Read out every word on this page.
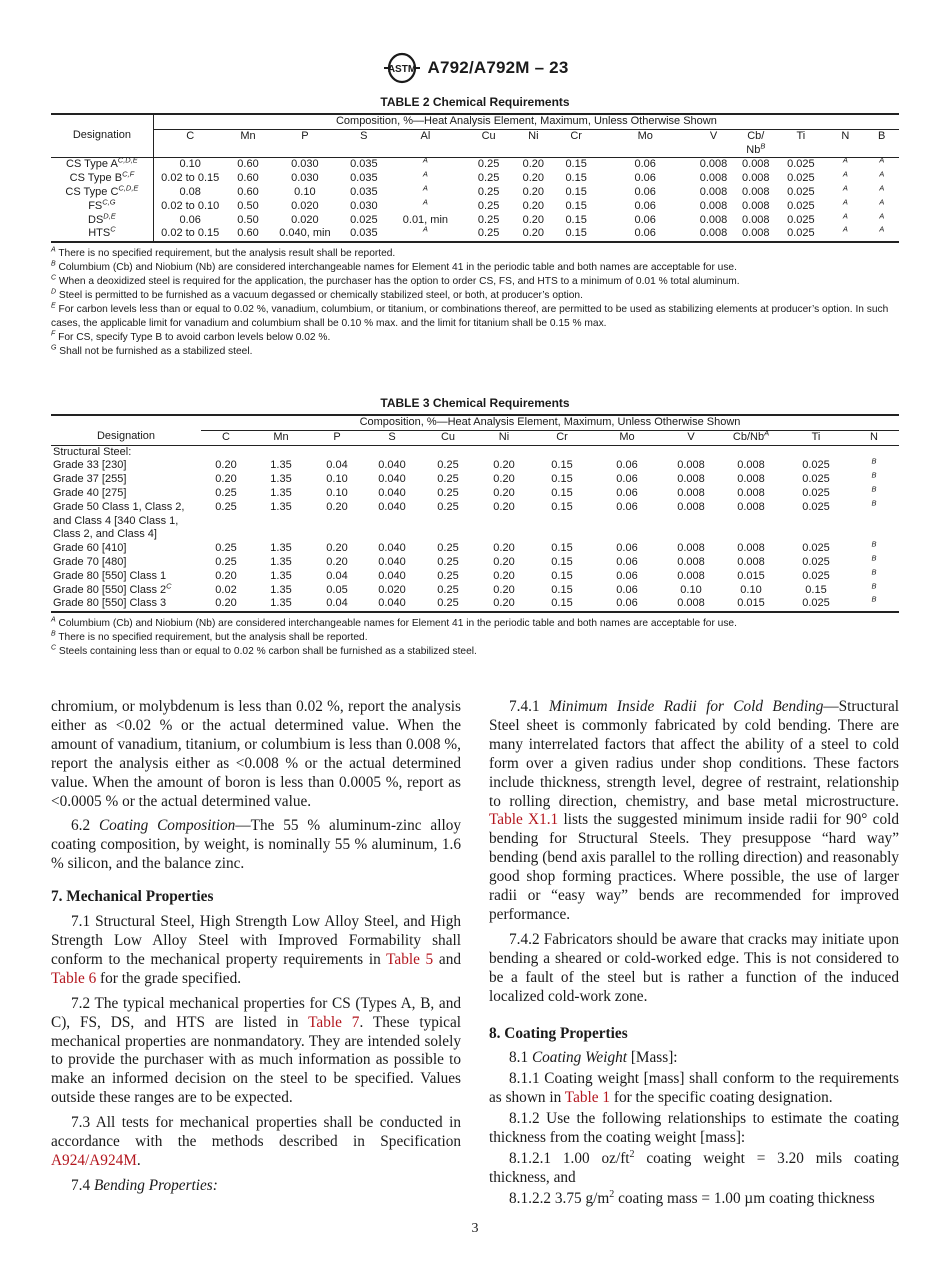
ASTM A792/A792M – 23
TABLE 2 Chemical Requirements
	Composition, %—Heat Analysis Element, Maximum, Unless Otherwise Shown													
Designation	C	Mn	P	S	Al	Cu	Ni	Cr	Mo	V	Cb/
$Nb^B$	Ti	N	B
CS Type $A^{C,D,E}$	0.10	0.60	0.030	0.035	$^A$	0.25	0.20	0.15	0.06	0.008	0.008	0.025	$^A$	$^A$
CS Type $B^{C,F}$	0.02 to 0.15	0.60	0.030	0.035	$^A$	0.25	0.20	0.15	0.06	0.008	0.008	0.025	$^A$	$^A$
CS Type $C^{C,D,E}$	0.08	0.60	0.10	0.035	$^A$	0.25	0.20	0.15	0.06	0.008	0.008	0.025	$^A$	$^A$
$FS^{C,G}$	0.02 to 0.10	0.50	0.020	0.030	$^A$	0.25	0.20	0.15	0.06	0.008	0.008	0.025	$^A$	$^A$
$DS^{D,E}$	0.06	0.50	0.020	0.025	0.01, min	0.25	0.20	0.15	0.06	0.008	0.008	0.025	$^A$	$^A$
$HTS^C$	0.02 to 0.15	0.60	0.040, min	0.035	$^A$	0.25	0.20	0.15	0.06	0.008	0.008	0.025	$^A$	$^A$

$^A$ There is no specified requirement, but the analysis result shall be reported.

$^B$ Columbium (Cb) and Niobium (Nb) are considered interchangeable names for Element 41 in the periodic table and both names are acceptable for use.

$^C$ When a deoxidized steel is required for the application, the purchaser has the option to order CS, FS, and HTS to a minimum of 0.01 % total aluminum.

$^D$ Steel is permitted to be furnished as a vacuum degassed or chemically stabilized steel, or both, at producer’s option.

$^E$ For carbon levels less than or equal to 0.02 %, vanadium, columbium, or titanium, or combinations thereof, are permitted to be used as stabilizing elements at producer’s option. In such cases, the applicable limit for vanadium and columbium shall be 0.10 % max. and the limit for titanium shall be 0.15 % max.

$^F$ For CS, specify Type B to avoid carbon levels below 0.02 %.

$^G$ Shall not be furnished as a stabilized steel.

TABLE 3 Chemical Requirements
	Composition, %—Heat Analysis Element, Maximum, Unless Otherwise Shown											
Designation	C	Mn	P	S	Cu	Ni	Cr	Mo	V	$Cb/Nb^A$	Ti	N
Structural Steel:												
Grade 33 [230]	0.20	1.35	0.04	0.040	0.25	0.20	0.15	0.06	0.008	0.008	0.025	$^B$
Grade 37 [255]	0.20	1.35	0.10	0.040	0.25	0.20	0.15	0.06	0.008	0.008	0.025	$^B$
Grade 40 [275]	0.25	1.35	0.10	0.040	0.25	0.20	0.15	0.06	0.008	0.008	0.025	$^B$
Grade 50 Class 1, Class 2, and Class 4 [340 Class 1, Class 2, and Class 4]	0.25	1.35	0.20	0.040	0.25	0.20	0.15	0.06	0.008	0.008	0.025	$^B$
Grade 60 [410]	0.25	1.35	0.20	0.040	0.25	0.20	0.15	0.06	0.008	0.008	0.025	$^B$
Grade 70 [480]	0.25	1.35	0.20	0.040	0.25	0.20	0.15	0.06	0.008	0.008	0.025	$^B$
Grade 80 [550] Class 1	0.20	1.35	0.04	0.040	0.25	0.20	0.15	0.06	0.008	0.015	0.025	$^B$
Grade 80 [550] Class $2^C$	0.02	1.35	0.05	0.020	0.25	0.20	0.15	0.06	0.10	0.10	0.15	$^B$
Grade 80 [550] Class 3	0.20	1.35	0.04	0.040	0.25	0.20	0.15	0.06	0.008	0.015	0.025	$^B$

$^A$ Columbium (Cb) and Niobium (Nb) are considered interchangeable names for Element 41 in the periodic table and both names are acceptable for use.

$^B$ There is no specified requirement, but the analysis shall be reported.

$^C$ Steels containing less than or equal to 0.02 % carbon shall be furnished as a stabilized steel.

chromium, or molybdenum is less than 0.02 %, report the analysis either as <0.02 % or the actual determined value. When the amount of vanadium, titanium, or columbium is less than 0.008 %, report the analysis either as <0.008 % or the actual determined value. When the amount of boron is less than 0.0005 %, report as <0.0005 % or the actual determined value.

6.2 Coating Composition—The 55 % aluminum-zinc alloy coating composition, by weight, is nominally 55 % aluminum, 1.6 % silicon, and the balance zinc.

7. Mechanical Properties

7.1 Structural Steel, High Strength Low Alloy Steel, and High Strength Low Alloy Steel with Improved Formability shall conform to the mechanical property requirements in Table 5 and Table 6 for the grade specified.

7.2 The typical mechanical properties for CS (Types A, B, and C), FS, DS, and HTS are listed in Table 7. These typical mechanical properties are nonmandatory. They are intended solely to provide the purchaser with as much information as possible to make an informed decision on the steel to be specified. Values outside these ranges are to be expected.

7.3 All tests for mechanical properties shall be conducted in accordance with the methods described in Specification A924/A924M.

7.4 Bending Properties:

7.4.1 Minimum Inside Radii for Cold Bending—Structural Steel sheet is commonly fabricated by cold bending. There are many interrelated factors that affect the ability of a steel to cold form over a given radius under shop conditions. These factors include thickness, strength level, degree of restraint, relationship to rolling direction, chemistry, and base metal microstructure. Table X1.1 lists the suggested minimum inside radii for 90° cold bending for Structural Steels. They presuppose “hard way” bending (bend axis parallel to the rolling direction) and reasonably good shop forming practices. Where possible, the use of larger radii or “easy way” bends are recommended for improved performance.

7.4.2 Fabricators should be aware that cracks may initiate upon bending a sheared or cold-worked edge. This is not considered to be a fault of the steel but is rather a function of the induced localized cold-work zone.

8. Coating Properties

8.1 Coating Weight [Mass]:

8.1.1 Coating weight [mass] shall conform to the requirements as shown in Table 1 for the specific coating designation.

8.1.2 Use the following relationships to estimate the coating thickness from the coating weight [mass]:

8.1.2.1 1.00 $oz/ft^2$ coating weight = 3.20 mils coating thickness, and

8.1.2.2 3.75 $g/m^2$ coating mass = 1.00 µm coating thickness

3
